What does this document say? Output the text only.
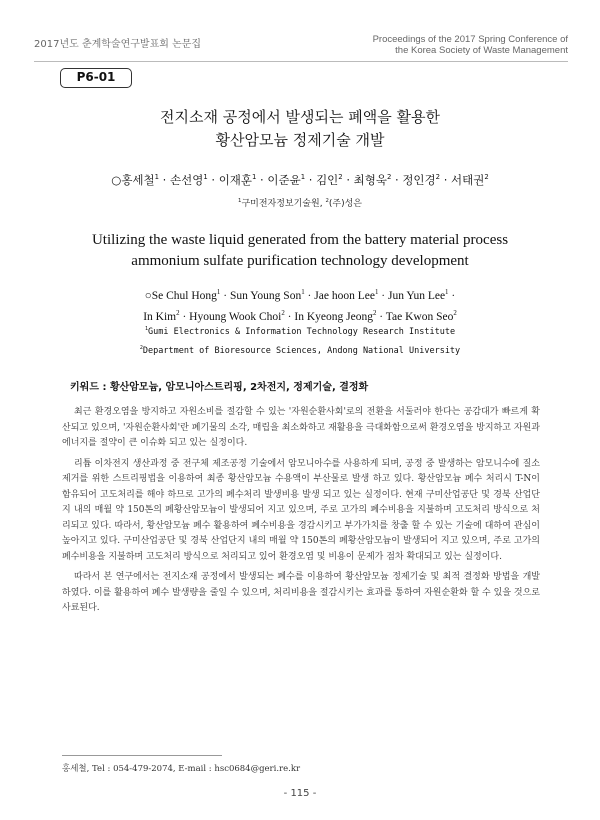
2017년도 춘계학술연구발표회 논문집	Proceedings of the 2017 Spring Conference of
the Korea Society of Waste Management
P6-01
전지소재 공정에서 발생되는 폐액을 활용한
황산암모늄 정제기술 개발
○홍세철$^1$ · 손선영$^1$ · 이재훈$^1$ · 이준윤$^1$ · 김인$^2$ · 최형욱$^2$ · 정인경$^2$ · 서태권$^2$
$^1$구미전자정보기술원, $^2$(주)성은
Utilizing the waste liquid generated from the battery material process
ammonium sulfate purification technology development
○Se Chul Hong$^1$ · Sun Young Son$^1$ · Jae hoon Lee$^1$ · Jun Yun Lee$^1$ ·
In Kim$^2$ · Hyoung Wook Choi$^2$ · In Kyeong Jeong$^2$ · Tae Kwon Seo$^2$
$^1$Gumi Electronics & Information Technology Research Institute
$^2$Department of Bioresource Sciences, Andong National University
키워드 : 황산암모늄, 암모니아스트리핑, 2차전지, 정제기술, 결정화

최근 환경오염을 방지하고 자원소비를 절감할 수 있는 '자원순환사회'로의 전환을 서둘러야 한다는 공감대가 빠르게 확산되고 있으며, '자원순환사회'란 폐기물의 소각, 매립을 최소화하고 재활용을 극대화함으로써 환경오염을 방지하고 자원과 에너지를 절약이 큰 이슈화 되고 있는 실정이다.

리튬 이차전지 생산과정 중 전구체 제조공정 기술에서 암모니아수를 사용하게 되며, 공정 중 발생하는 암모니수에 질소제거를 위한 스트리핑법을 이용하여 최종 황산암모늄 수용액이 부산물로 발생 하고 있다. 황산암모늄 폐수 처리시 T-N이 함유되어 고도처리를 해야 하므로 고가의 폐수처리 발생비용 발생 되고 있는 실정이다. 현재 구미산업공단 및 경북 산업단지 내의 매월 약 150톤의 폐황산암모늄이 발생되어 지고 있으며, 주로 고가의 폐수비용을 지불하며 고도처리 방식으로 처리되고 있다. 따라서, 황산암모늄 폐수 활용하여 폐수비용을 경감시키고 부가가치를 창출 할 수 있는 기술에 대하여 관심이 높아지고 있다. 구미산업공단 및 경북 산업단지 내의 매월 약 150톤의 폐황산암모늄이 발생되어 지고 있으며, 주로 고가의 폐수비용을 지불하며 고도처리 방식으로 처리되고 있어 환경오염 및 비용이 문제가 점차 확대되고 있는 실정이다.

따라서 본 연구에서는 전지소재 공정에서 발생되는 폐수를 이용하여 황산암모늄 정제기술 및 최적 결정화 방법을 개발하였다. 이를 활용하여 폐수 발생량을 줄일 수 있으며, 처리비용을 절감시키는 효과를 통하여 자원순환화 할 수 있을 것으로 사료된다.

홍세철, Tel : 054-479-2074, E-mail : hsc0684@geri.re.kr
- 115 -
